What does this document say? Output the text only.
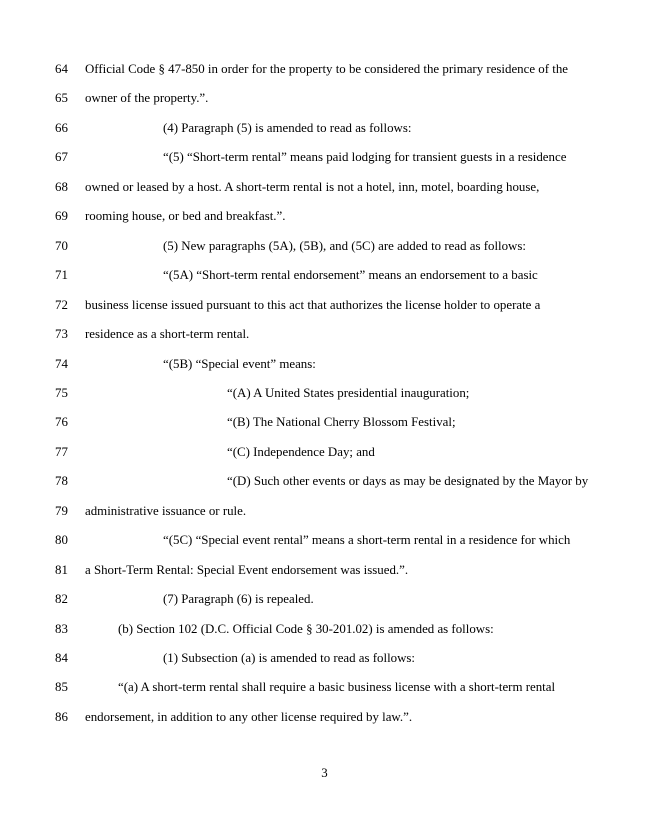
64 Official Code § 47-850 in order for the property to be considered the primary residence of the
65 owner of the property.”.
66	(4) Paragraph (5) is amended to read as follows:
67	“(5) “Short-term rental” means paid lodging for transient guests in a residence
68 owned or leased by a host. A short-term rental is not a hotel, inn, motel, boarding house,
69 rooming house, or bed and breakfast.”.
70	(5) New paragraphs (5A), (5B), and (5C) are added to read as follows:
71	“(5A) “Short-term rental endorsement” means an endorsement to a basic
72 business license issued pursuant to this act that authorizes the license holder to operate a
73 residence as a short-term rental.
74	“(5B) “Special event” means:
75	“(A) A United States presidential inauguration;
76	“(B) The National Cherry Blossom Festival;
77	“(C) Independence Day; and
78	“(D) Such other events or days as may be designated by the Mayor by
79 administrative issuance or rule.
80	“(5C) “Special event rental” means a short-term rental in a residence for which
81 a Short-Term Rental: Special Event endorsement was issued.”.
82	(7) Paragraph (6) is repealed.
83	(b) Section 102 (D.C. Official Code § 30-201.02) is amended as follows:
84	(1) Subsection (a) is amended to read as follows:
85	“(a) A short-term rental shall require a basic business license with a short-term rental
86 endorsement, in addition to any other license required by law.”.
3
